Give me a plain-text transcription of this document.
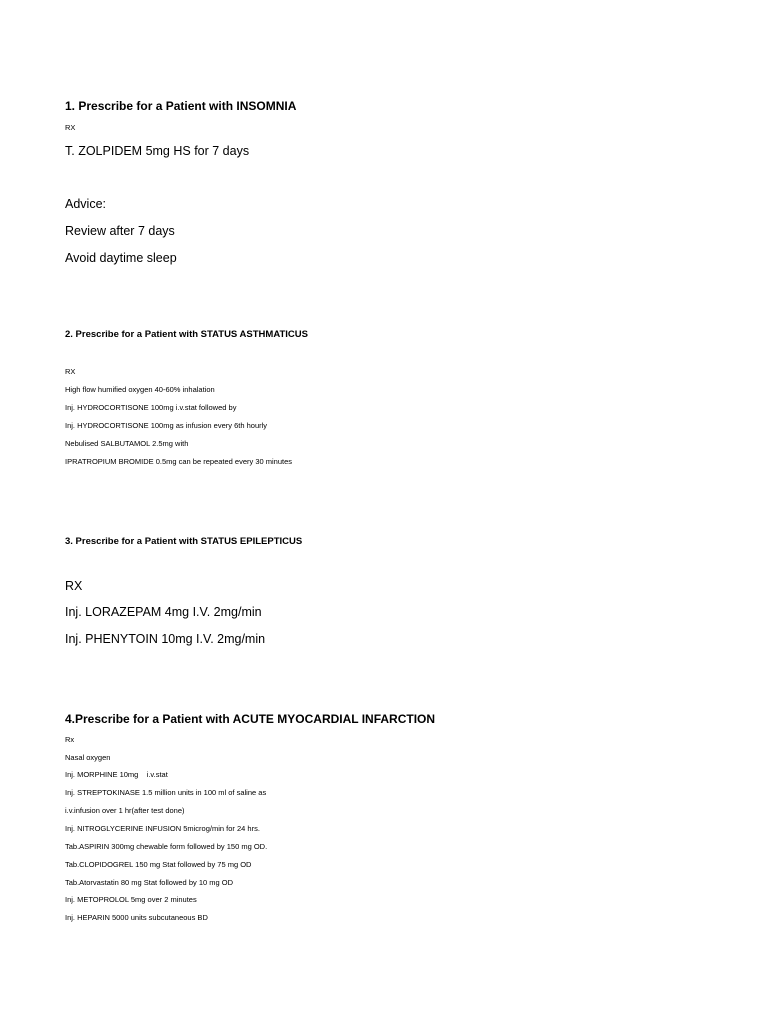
1. Prescribe for a Patient with INSOMNIA
RX
T. ZOLPIDEM 5mg HS for 7 days
Advice:
Review after 7 days
Avoid daytime sleep
2. Prescribe for a Patient with STATUS ASTHMATICUS
RX
High flow humified oxygen 40-60% inhalation
Inj. HYDROCORTISONE 100mg i.v.stat followed by
Inj. HYDROCORTISONE 100mg as infusion every 6th hourly
Nebulised SALBUTAMOL 2.5mg with
IPRATROPIUM BROMIDE 0.5mg can be repeated every 30 minutes
3. Prescribe for a Patient with STATUS EPILEPTICUS
RX
Inj. LORAZEPAM 4mg I.V. 2mg/min
Inj. PHENYTOIN 10mg I.V. 2mg/min
4.Prescribe for a Patient with ACUTE MYOCARDIAL INFARCTION
Rx
Nasal oxygen
Inj. MORPHINE 10mg    i.v.stat
Inj. STREPTOKINASE 1.5 million units in 100 ml of saline as
i.v.infusion over 1 hr(after test done)
Inj. NITROGLYCERINE INFUSION 5microg/min for 24 hrs.
Tab.ASPIRIN 300mg chewable form followed by 150 mg OD.
Tab.CLOPIDOGREL 150 mg Stat followed by 75 mg OD
Tab.Atorvastatin 80 mg Stat followed by 10 mg OD
Inj. METOPROLOL 5mg over 2 minutes
Inj. HEPARIN 5000 units subcutaneous BD
